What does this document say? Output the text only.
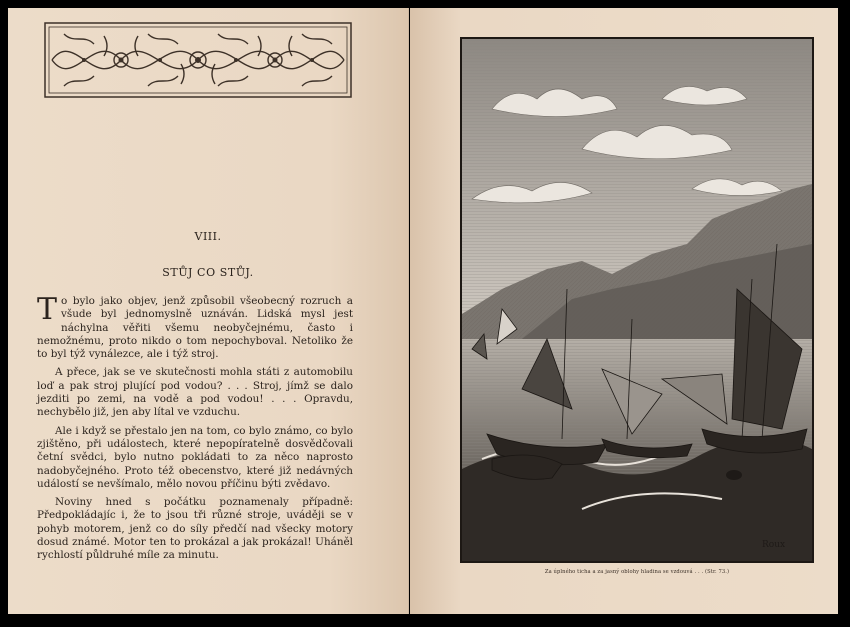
VIII.
STŮJ CO STŮJ.

To bylo jako objev, jenž způsobil všeobecný rozruch a všude byl jednomyslně uznáván. Lidská mysl jest náchylna věřiti všemu neobyčejnému, často i nemožnému, proto nikdo o tom nepochyboval. Netoliko že to byl týž vynálezce, ale i týž stroj.

A přece, jak se ve skutečnosti mohla státi z automobilu loď a pak stroj plující pod vodou? . . . Stroj, jímž se dalo jezditi po zemi, na vodě a pod vodou! . . . Opravdu, nechybělo již, jen aby lítal ve vzduchu.

Ale i když se přestalo jen na tom, co bylo známo, co bylo zjištěno, při událostech, které nepopíratelně dosvědčovali četní svědci, bylo nutno pokládati to za něco naprosto nadobyčejného. Proto též obecenstvo, které již nedávných událostí se nevšímalo, mělo novou příčinu býti zvědavo.

Noviny hned s počátku poznamenaly případně: Předpokládajíc i, že to jsou tři různé stroje, uváději se v pohyb motorem, jenž co do síly předčí nad všecky motory dosud známé. Motor ten to prokázal a jak prokázal! Uháněl rychlostí půldruhé míle za minutu.

Roux
Za úplného ticha a za jasný oblohy hladina se vzdouvá . . . (Str. 73.)
